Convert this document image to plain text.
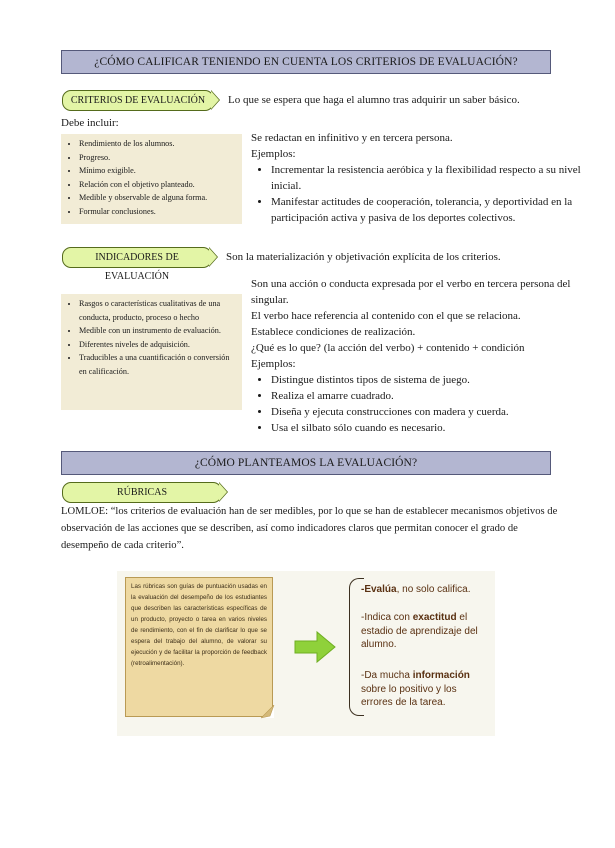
¿CÓMO CALIFICAR TENIENDO EN CUENTA LOS CRITERIOS DE EVALUACIÓN?
CRITERIOS DE EVALUACIÓN	Lo que se espera que haga el alumno tras adquirir un saber básico.
Debe incluir:
• Rendimiento de los alumnos.
• Progreso.
• Mínimo exigible.
• Relación con el objetivo planteado.
• Medible y observable de alguna forma.
• Formular conclusiones.
Se redactan en infinitivo y en tercera persona.
Ejemplos:
• Incrementar la resistencia aeróbica y la flexibilidad respecto a su nivel inicial.
• Manifestar actitudes de cooperación, tolerancia, y deportividad en la participación activa y pasiva de los deportes colectivos.
INDICADORES DE EVALUACIÓN
Son la materialización y objetivación explícita de los criterios.
• Rasgos o características cualitativas de una conducta, producto, proceso o hecho
• Medible con un instrumento de evaluación.
• Diferentes niveles de adquisición.
• Traducibles a una cuantificación o conversión en calificación.
Son una acción o conducta expresada por el verbo en tercera persona del singular.
El verbo hace referencia al contenido con el que se relaciona.
Establece condiciones de realización.
¿Qué es lo que? (la acción del verbo) + contenido + condición
Ejemplos:
• Distingue distintos tipos de sistema de juego.
• Realiza el amarre cuadrado.
• Diseña y ejecuta construcciones con madera y cuerda.
• Usa el silbato sólo cuando es necesario.
¿CÓMO PLANTEAMOS LA EVALUACIÓN?
RÚBRICAS
LOMLOE: “los criterios de evaluación han de ser medibles, por lo que se han de establecer mecanismos objetivos de observación de las acciones que se describen, así como indicadores claros que permitan conocer el grado de desempeño de cada criterio”.
Las rúbricas son guías de puntuación usadas en la evaluación del desempeño de los estudiantes que describen las características específicas de un producto, proyecto o tarea en varios niveles de rendimiento, con el fin de clarificar lo que se espera del trabajo del alumno, de valorar su ejecución y de facilitar la proporción de feedback (retroalimentación).
-Evalúa, no solo califica.
-Indica con exactitud el estadio de aprendizaje del alumno.
-Da mucha información sobre lo positivo y los errores de la tarea.
